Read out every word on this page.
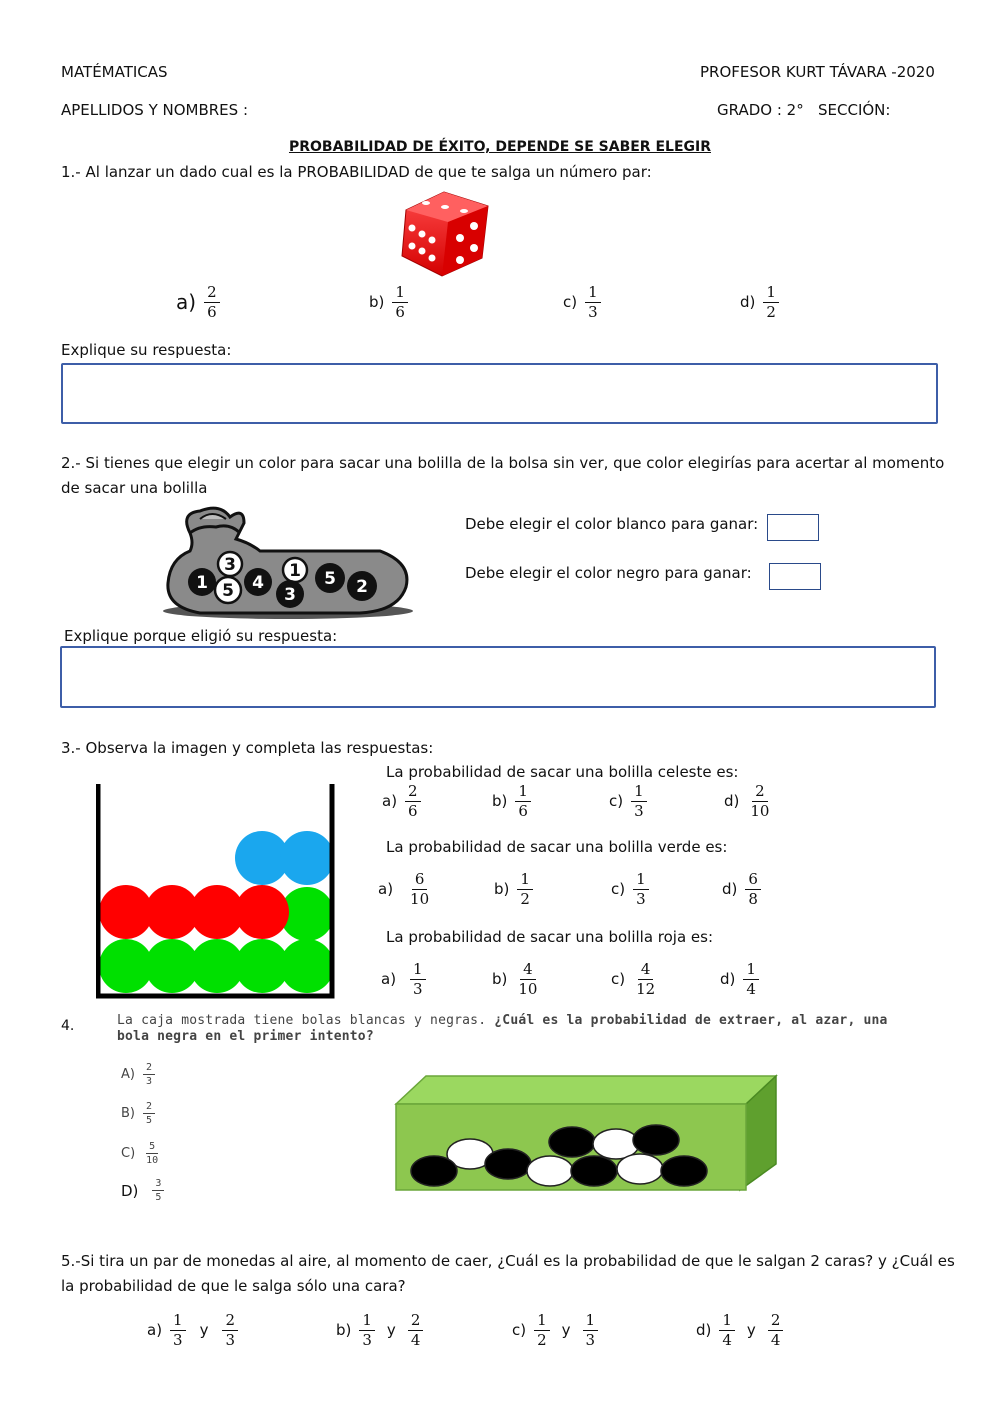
MATÉMATICAS	PROFESOR KURT TÁVARA -2020
APELLIDOS Y NOMBRES :	GRADO : 2° SECCIÓN:
PROBABILIDAD DE ÉXITO, DEPENDE SE SABER ELEGIR
1.- Al lanzar un dado cual es la PROBABILIDAD de que te salga un número par:
$a) \frac{2}{6}$	$b) \frac{1}{6}$	$c) \frac{1}{3}$	$d) \frac{1}{2}$
Explique su respuesta:
2.- Si tienes que elegir un color para sacar una bolilla de la bolsa sin ver, que color elegirías para acertar al momento
de sacar una bolilla
3	1
5 4
1
3
5 2
Debe elegir el color blanco para ganar:
Debe elegir el color negro para ganar:
Explique porque eligió su respuesta:
3.- Observa la imagen y completa las respuestas:
La probabilidad de sacar una bolilla celeste es:
$a) \frac{2}{6}$	$b) \frac{1}{6}$	$c) \frac{1}{3}$	$d) \frac{2}{10}$
La probabilidad de sacar una bolilla verde es:
$a) \frac{6}{10}$	$b) \frac{1}{2}$	$c) \frac{1}{3}$	$d) \frac{6}{8}$
La probabilidad de sacar una bolilla roja es:
$a) \frac{1}{3}$	$b) \frac{4}{10}$	$c) \frac{4}{12}$	$d) \frac{1}{4}$
4.	La caja mostrada tiene bolas blancas y negras. ¿Cuál es la probabilidad de extraer, al azar, una
bola negra en el primer intento?
$A) \frac{2}{3}$
$B) \frac{2}{5}$
$C) \frac{5}{10}$
$D) \frac{3}{5}$
5.-Si tira un par de monedas al aire, al momento de caer, ¿Cuál es la probabilidad de que le salgan 2 caras? y ¿Cuál es
la probabilidad de que le salga sólo una cara?
$a) \frac{1}{3}$ y $\frac{2}{3}$	$b) \frac{1}{3}$ y $\frac{2}{4}$	$c) \frac{1}{2}$ y $\frac{1}{3}$	$d) \frac{1}{4}$ y $\frac{2}{4}$
